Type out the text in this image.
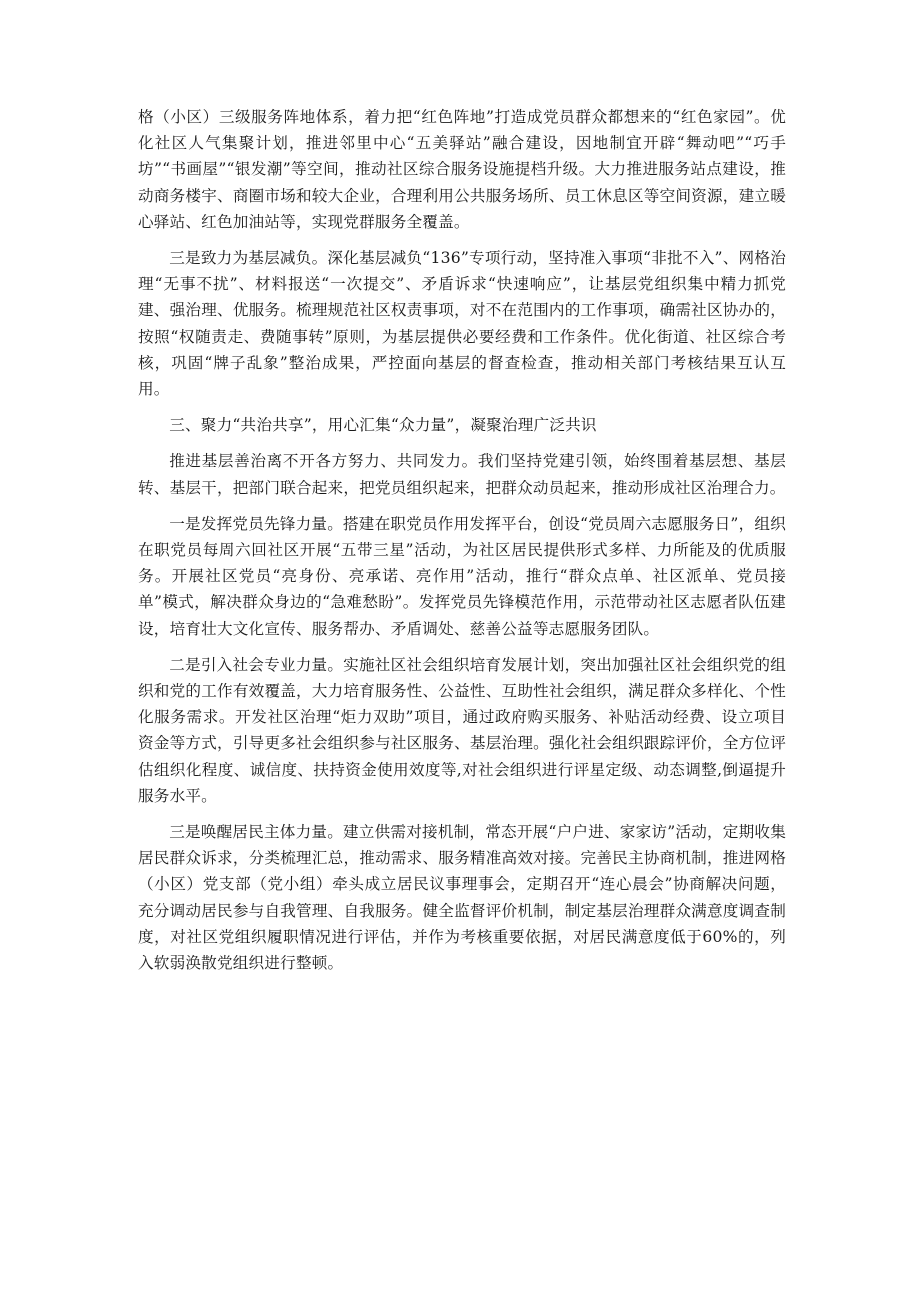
格（小区）三级服务阵地体系，着力把“红色阵地”打造成党员群众都想来的“红色家园”。优化社区人气集聚计划，推进邻里中心“五美驿站”融合建设，因地制宜开辟“舞动吧”“巧手坊”“书画屋”“银发潮”等空间，推动社区综合服务设施提档升级。大力推进服务站点建设，推动商务楼宇、商圈市场和较大企业，合理利用公共服务场所、员工休息区等空间资源，建立暖心驿站、红色加油站等，实现党群服务全覆盖。

三是致力为基层减负。深化基层减负“136”专项行动，坚持准入事项“非批不入”、网格治理“无事不扰”、材料报送“一次提交”、矛盾诉求“快速响应”，让基层党组织集中精力抓党建、强治理、优服务。梳理规范社区权责事项，对不在范围内的工作事项，确需社区协办的，按照“权随责走、费随事转”原则，为基层提供必要经费和工作条件。优化街道、社区综合考核，巩固“牌子乱象”整治成果，严控面向基层的督查检查，推动相关部门考核结果互认互用。

三、聚力“共治共享”，用心汇集“众力量”，凝聚治理广泛共识

推进基层善治离不开各方努力、共同发力。我们坚持党建引领，始终围着基层想、基层转、基层干，把部门联合起来，把党员组织起来，把群众动员起来，推动形成社区治理合力。

一是发挥党员先锋力量。搭建在职党员作用发挥平台，创设“党员周六志愿服务日”，组织在职党员每周六回社区开展“五带三星”活动，为社区居民提供形式多样、力所能及的优质服务。开展社区党员“亮身份、亮承诺、亮作用”活动，推行“群众点单、社区派单、党员接单”模式，解决群众身边的“急难愁盼”。发挥党员先锋模范作用，示范带动社区志愿者队伍建设，培育壮大文化宣传、服务帮办、矛盾调处、慈善公益等志愿服务团队。

二是引入社会专业力量。实施社区社会组织培育发展计划，突出加强社区社会组织党的组织和党的工作有效覆盖，大力培育服务性、公益性、互助性社会组织，满足群众多样化、个性化服务需求。开发社区治理“炬力双助”项目，通过政府购买服务、补贴活动经费、设立项目资金等方式，引导更多社会组织参与社区服务、基层治理。强化社会组织跟踪评价，全方位评估组织化程度、诚信度、扶持资金使用效度等,对社会组织进行评星定级、动态调整,倒逼提升服务水平。

三是唤醒居民主体力量。建立供需对接机制，常态开展“户户进、家家访”活动，定期收集居民群众诉求，分类梳理汇总，推动需求、服务精准高效对接。完善民主协商机制，推进网格（小区）党支部（党小组）牵头成立居民议事理事会，定期召开“连心晨会”协商解决问题，充分调动居民参与自我管理、自我服务。健全监督评价机制，制定基层治理群众满意度调查制度，对社区党组织履职情况进行评估，并作为考核重要依据，对居民满意度低于60%的，列入软弱涣散党组织进行整顿。
